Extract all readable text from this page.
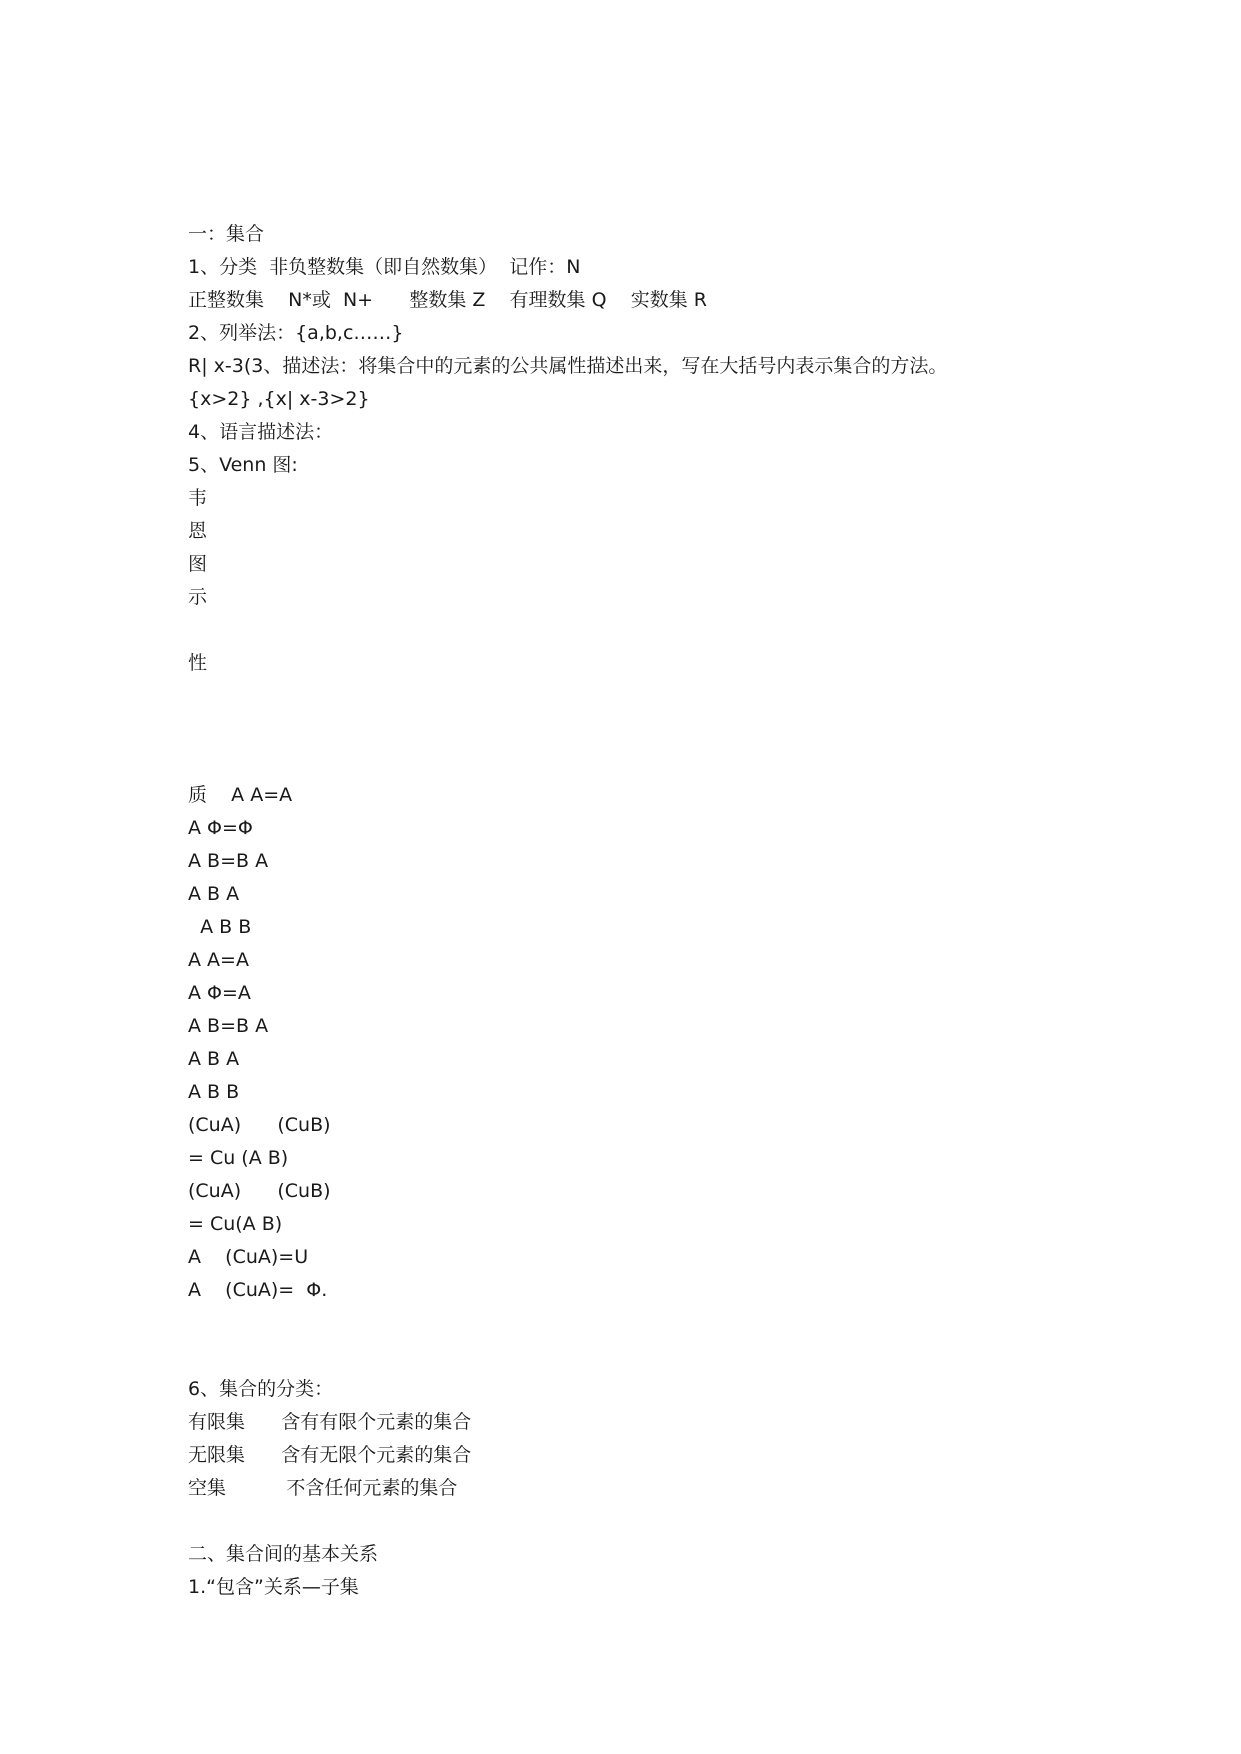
一：集合
1、分类  非负整数集（即自然数集）  记作：N
正整数集    N*或  N+      整数集 Z    有理数集 Q    实数集 R
2、列举法：{a,b,c……}
R| x-3(3、描述法：将集合中的元素的公共属性描述出来，写在大括号内表示集合的方法。
{x>2} ,{x| x-3>2}
4、语言描述法：
5、Venn 图:
韦
恩
图
示
性
质    A A=A
A Φ=Φ
A B=B A
A B A
A B B
A A=A
A Φ=A
A B=B A
A B A
A B B
(CuA)      (CuB)
= Cu (A B)
(CuA)      (CuB)
= Cu(A B)
A    (CuA)=U
A    (CuA)=  Φ.
6、集合的分类：
有限集      含有有限个元素的集合
无限集      含有无限个元素的集合
空集          不含任何元素的集合
二、集合间的基本关系
1.“包含”关系—子集
